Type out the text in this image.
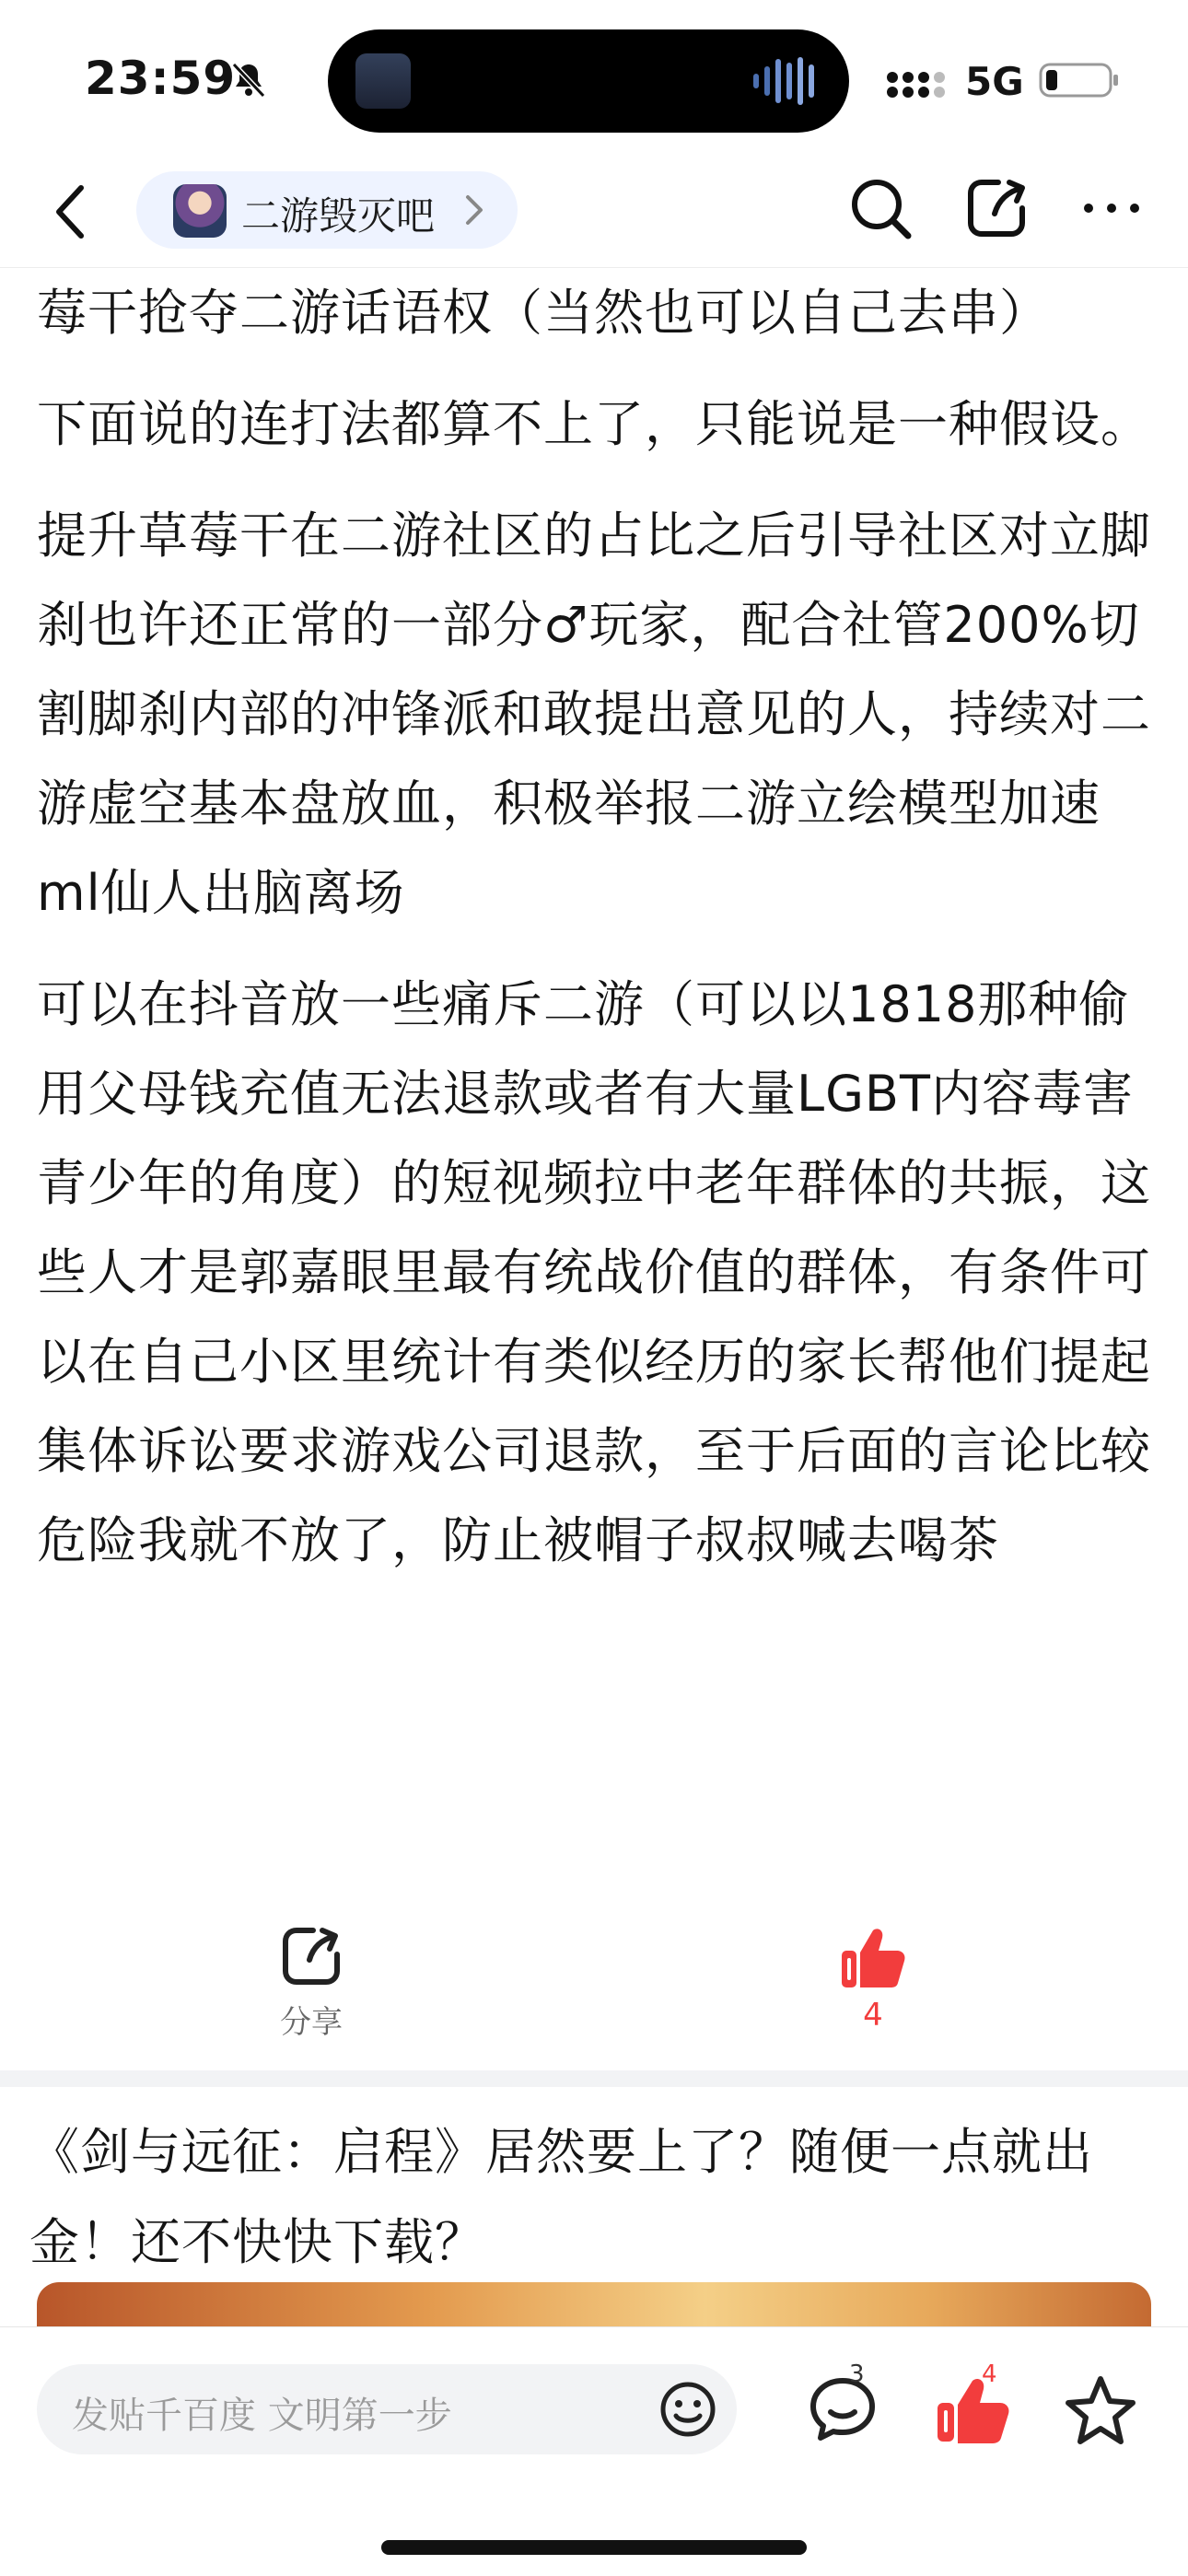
23:59	5G
二游毁灭吧

莓干抢夺二游话语权（当然也可以自己去串）

下面说的连打法都算不上了，只能说是一种假设。

提升草莓干在二游社区的占比之后引导社区对立脚刹也许还正常的一部分♂玩家，配合社管200%切割脚刹内部的冲锋派和敢提出意见的人，持续对二游虚空基本盘放血，积极举报二游立绘模型加速ml仙人出脑离场

可以在抖音放一些痛斥二游（可以以1818那种偷用父母钱充值无法退款或者有大量LGBT内容毒害青少年的角度）的短视频拉中老年群体的共振，这些人才是郭嘉眼里最有统战价值的群体，有条件可以在自己小区里统计有类似经历的家长帮他们提起集体诉讼要求游戏公司退款，至于后面的言论比较危险我就不放了，防止被帽子叔叔喊去喝茶

分享	4
《剑与远征：启程》居然要上了？随便一点就出金！还不快快下载？
发贴千百度 文明第一步
3	4
